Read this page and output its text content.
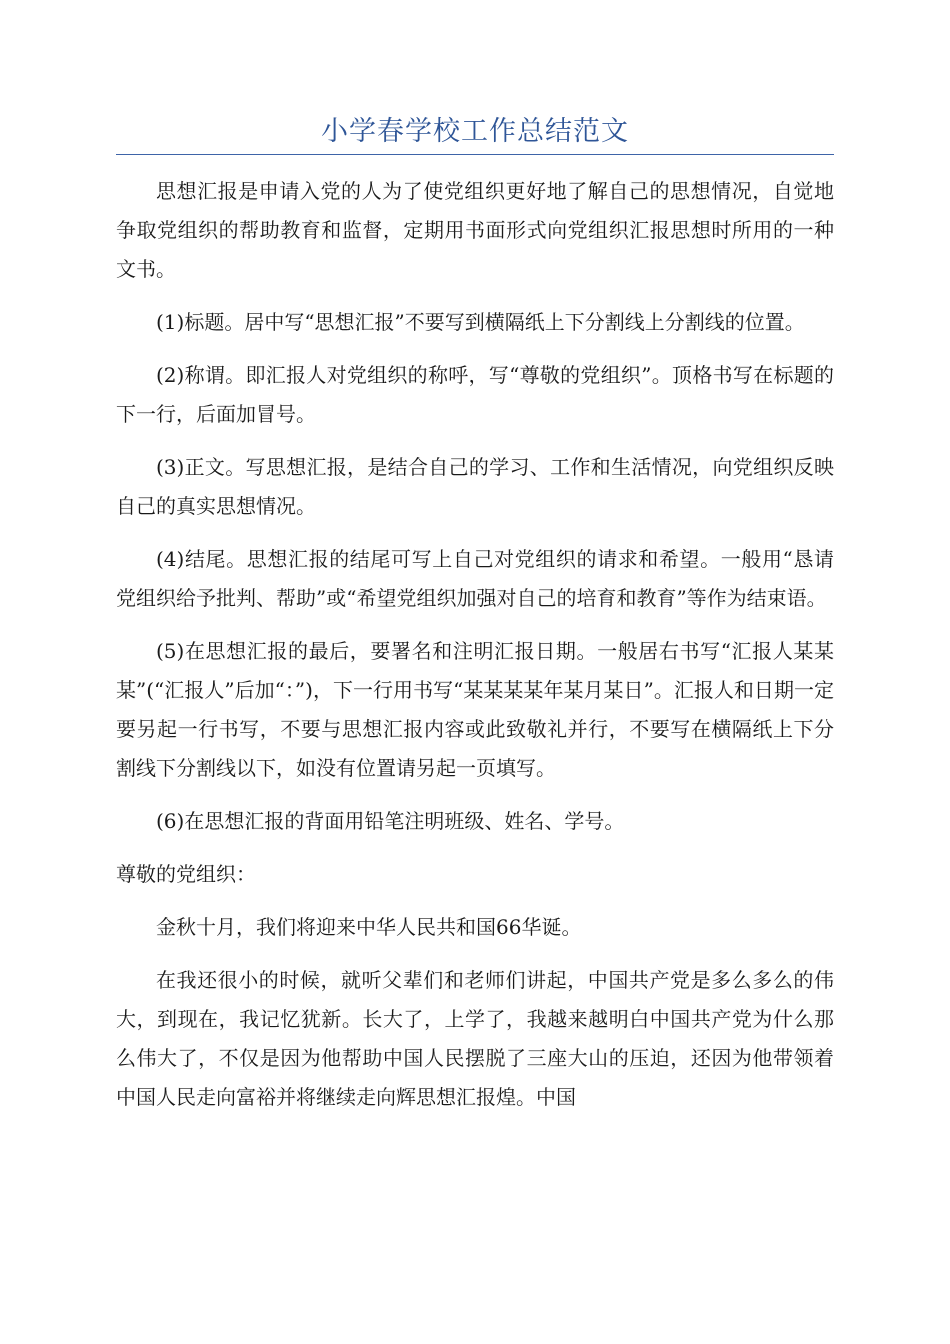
小学春学校工作总结范文

思想汇报是申请入党的人为了使党组织更好地了解自己的思想情况，自觉地争取党组织的帮助教育和监督，定期用书面形式向党组织汇报思想时所用的一种文书。

(1)标题。居中写“思想汇报”不要写到横隔纸上下分割线上分割线的位置。

(2)称谓。即汇报人对党组织的称呼，写“尊敬的党组织”。顶格书写在标题的下一行，后面加冒号。

(3)正文。写思想汇报，是结合自己的学习、工作和生活情况，向党组织反映自己的真实思想情况。

(4)结尾。思想汇报的结尾可写上自己对党组织的请求和希望。一般用“恳请党组织给予批判、帮助”或“希望党组织加强对自己的培育和教育”等作为结束语。

(5)在思想汇报的最后，要署名和注明汇报日期。一般居右书写“汇报人某某某”(“汇报人”后加“：”)，下一行用书写“某某某某年某月某日”。汇报人和日期一定要另起一行书写，不要与思想汇报内容或此致敬礼并行，不要写在横隔纸上下分割线下分割线以下，如没有位置请另起一页填写。

(6)在思想汇报的背面用铅笔注明班级、姓名、学号。

尊敬的党组织：

金秋十月，我们将迎来中华人民共和国66华诞。

在我还很小的时候，就听父辈们和老师们讲起，中国共产党是多么多么的伟大，到现在，我记忆犹新。长大了，上学了，我越来越明白中国共产党为什么那么伟大了，不仅是因为他帮助中国人民摆脱了三座大山的压迫，还因为他带领着中国人民走向富裕并将继续走向辉思想汇报煌。中国
